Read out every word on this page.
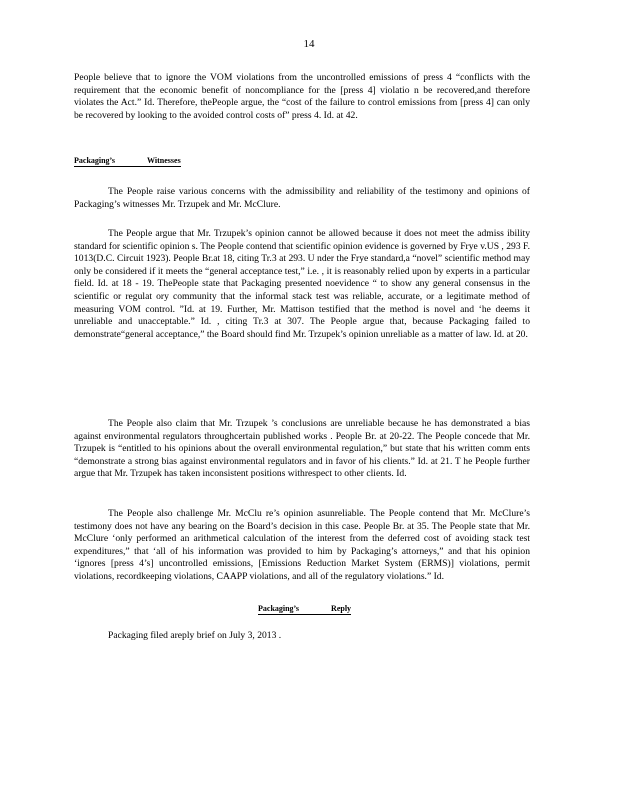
14
People believe that to ignore the VOM violations from the uncontrolled emissions of press 4 “conflicts with the requirement that the economic benefit of noncompliance for the [press 4] violatio n be recovered,and therefore violates the Act.” Id. Therefore, thePeople argue, the “cost of the failure to control emissions from [press 4] can only be recovered by looking to the avoided control costs of” press 4. Id. at 42.
Packaging’s	Witnesses
The People raise various concerns with the admissibility and reliability of the testimony and opinions of Packaging’s witnesses Mr. Trzupek and Mr. McClure.
The People argue that Mr. Trzupek’s opinion cannot be allowed because it does not meet the admiss ibility standard for scientific opinion s. The People contend that scientific opinion evidence is governed by Frye v.US , 293 F. 1013(D.C. Circuit 1923). People Br.at 18, citing Tr.3 at 293. U nder the Frye standard,a “novel” scientific method may only be considered if it meets the “general acceptance test,” i.e. , it is reasonably relied upon by experts in a particular field. Id. at 18 - 19. ThePeople state that Packaging presented noevidence “ to show any general consensus in the scientific or regulat ory community that the informal stack test was reliable, accurate, or a legitimate method of measuring VOM control. ”Id. at 19. Further, Mr. Mattison testified that the method is novel and ‘he deems it unreliable and unacceptable.” Id. , citing Tr.3 at 307. The People argue that, because Packaging failed to demonstrate“general acceptance,” the Board should find Mr. Trzupek’s opinion unreliable as a matter of law. Id. at 20.
The People also claim that Mr. Trzupek ’s conclusions are unreliable because he has demonstrated a bias against environmental regulators throughcertain published works . People Br. at 20-22. The People concede that Mr. Trzupek is “entitled to his opinions about the overall environmental regulation,” but state that his written comm ents “demonstrate a strong bias against environmental regulators and in favor of his clients.” Id. at 21. T he People further argue that Mr. Trzupek has taken inconsistent positions withrespect to other clients. Id.
The People also challenge Mr. McClu re’s opinion asunreliable. The People contend that Mr. McClure’s testimony does not have any bearing on the Board’s decision in this case. People Br. at 35. The People state that Mr. McClure ‘only performed an arithmetical calculation of the interest from the deferred cost of avoiding stack test expenditures,” that ‘all of his information was provided to him by Packaging’s attorneys,” and that his opinion ‘ignores [press 4’s] uncontrolled emissions, [Emissions Reduction Market System (ERMS)] violations, permit violations, recordkeeping violations, CAAPP violations, and all of the regulatory violations.” Id.
Packaging’s	Reply
Packaging filed areply brief on July 3, 2013 .
